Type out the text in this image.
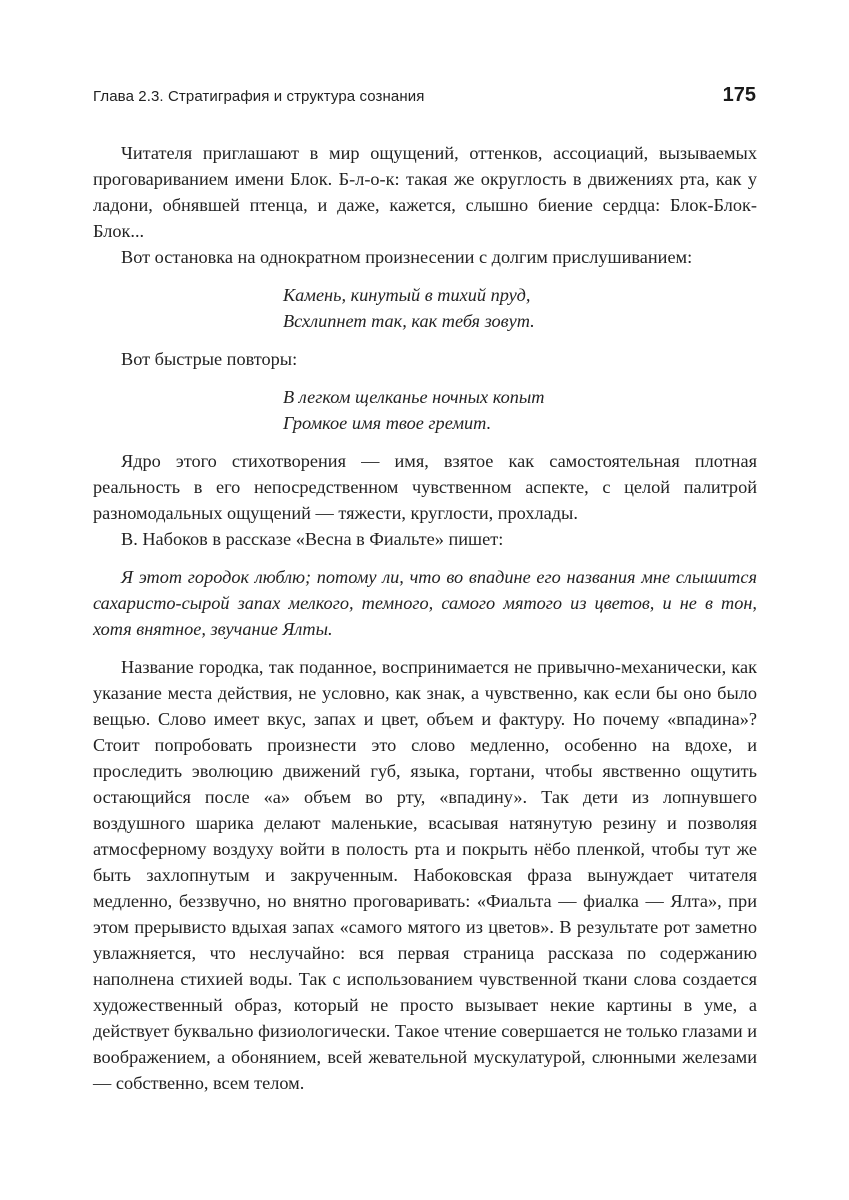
Глава 2.3. Стратиграфия и структура сознания	175

Читателя приглашают в мир ощущений, оттенков, ассоциаций, вызываемых проговариванием имени Блок. Б-л-о-к: такая же округлость в движениях рта, как у ладони, обнявшей птенца, и даже, кажется, слышно биение сердца: Блок-Блок-Блок...

Вот остановка на однократном произнесении с долгим прислушиванием:

Камень, кинутый в тихий пруд,
Всхлипнет так, как тебя зовут.

Вот быстрые повторы:

В легком щелканье ночных копыт
Громкое имя твое гремит.

Ядро этого стихотворения — имя, взятое как самостоятельная плотная реальность в его непосредственном чувственном аспекте, с целой палитрой разномодальных ощущений — тяжести, круглости, прохлады.

В. Набоков в рассказе «Весна в Фиальте» пишет:

Я этот городок люблю; потому ли, что во впадине его названия мне слышится сахаристо-сырой запах мелкого, темного, самого мятого из цветов, и не в тон, хотя внятное, звучание Ялты.

Название городка, так поданное, воспринимается не привычно-механически, как указание места действия, не условно, как знак, а чувственно, как если бы оно было вещью. Слово имеет вкус, запах и цвет, объем и фактуру. Но почему «впадина»? Стоит попробовать произнести это слово медленно, особенно на вдохе, и проследить эволюцию движений губ, языка, гортани, чтобы явственно ощутить остающийся после «а» объем во рту, «впадину». Так дети из лопнувшего воздушного шарика делают маленькие, всасывая натянутую резину и позволяя атмосферному воздуху войти в полость рта и покрыть нёбо пленкой, чтобы тут же быть захлопнутым и закрученным. Набоковская фраза вынуждает читателя медленно, беззвучно, но внятно проговаривать: «Фиальта — фиалка — Ялта», при этом прерывисто вдыхая запах «самого мятого из цветов». В результате рот заметно увлажняется, что неслучайно: вся первая страница рассказа по содержанию наполнена стихией воды. Так с использованием чувственной ткани слова создается художественный образ, который не просто вызывает некие картины в уме, а действует буквально физиологически. Такое чтение совершается не только глазами и воображением, а обонянием, всей жевательной мускулатурой, слюнными железами — собственно, всем телом.
